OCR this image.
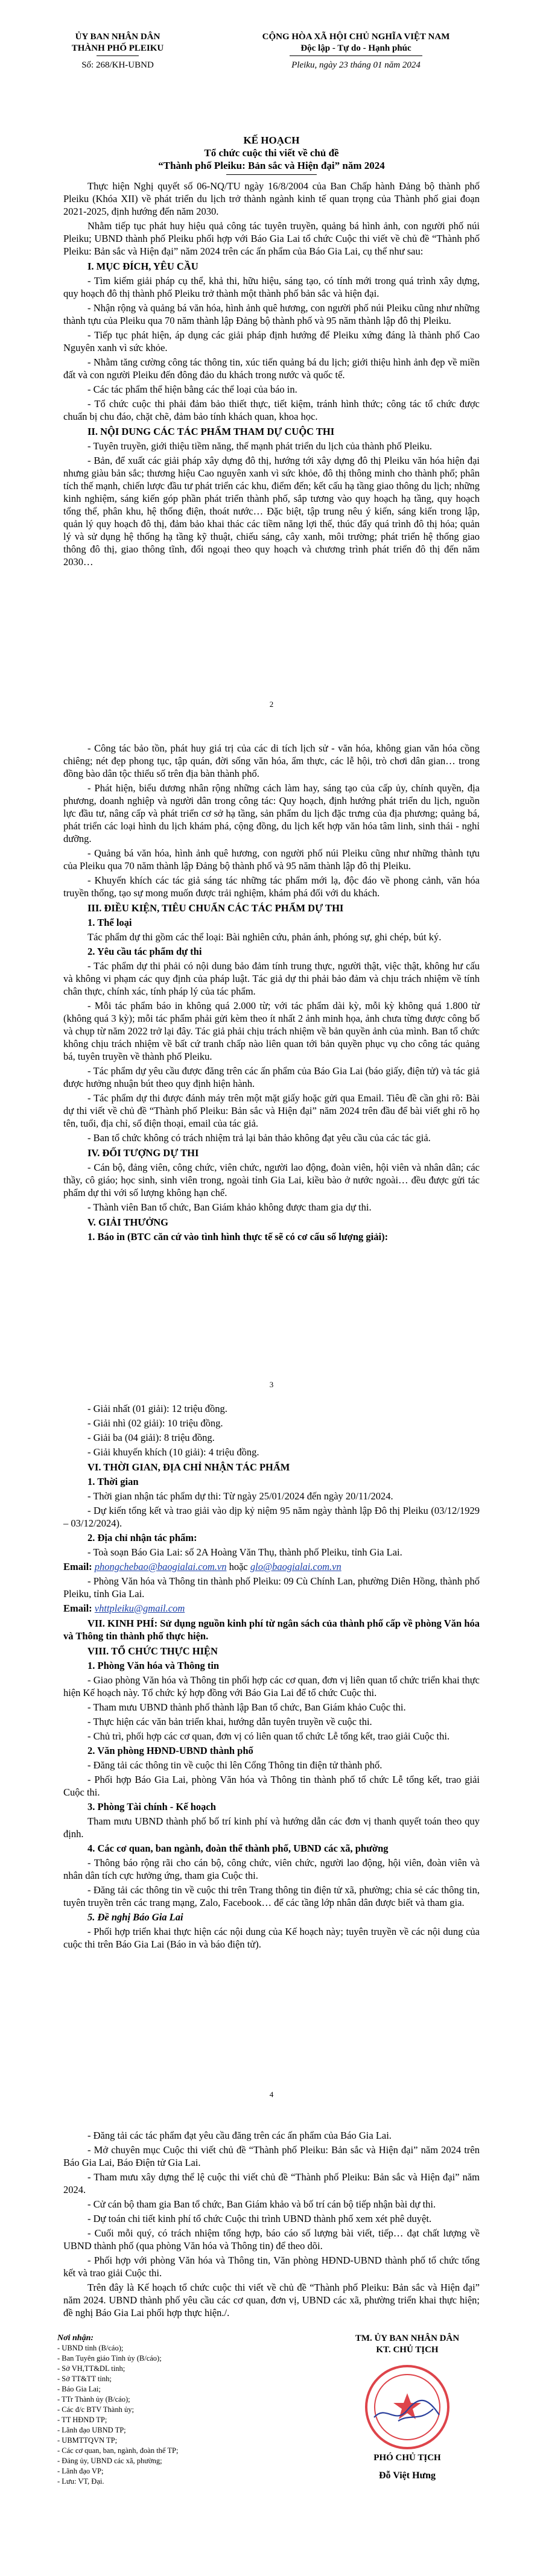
ỦY BAN NHÂN DÂN
THÀNH PHỐ PLEIKU
Số: 268/KH-UBND
CỘNG HÒA XÃ HỘI CHỦ NGHĨA VIỆT NAM
Độc lập - Tự do - Hạnh phúc
Pleiku, ngày 23 tháng 01 năm 2024
KẾ HOẠCH
Tổ chức cuộc thi viết về chủ đề
“Thành phố Pleiku: Bản sắc và Hiện đại” năm 2024

Thực hiện Nghị quyết số 06-NQ/TU ngày 16/8/2004 của Ban Chấp hành Đảng bộ thành phố Pleiku (Khóa XII) về phát triển du lịch trở thành ngành kinh tế quan trọng của Thành phố giai đoạn 2021-2025, định hướng đến năm 2030.

Nhằm tiếp tục phát huy hiệu quả công tác tuyên truyền, quảng bá hình ảnh, con người phố núi Pleiku; UBND thành phố Pleiku phối hợp với Báo Gia Lai tổ chức Cuộc thi viết về chủ đề “Thành phố Pleiku: Bản sắc và Hiện đại” năm 2024 trên các ấn phẩm của Báo Gia Lai, cụ thể như sau:

I. MỤC ĐÍCH, YÊU CẦU

- Tìm kiếm giải pháp cụ thể, khả thi, hữu hiệu, sáng tạo, có tính mới trong quá trình xây dựng, quy hoạch đô thị thành phố Pleiku trở thành một thành phố bản sắc và hiện đại.

- Nhận rộng và quảng bá văn hóa, hình ảnh quê hương, con người phố núi Pleiku cũng như những thành tựu của Pleiku qua 70 năm thành lập Đảng bộ thành phố và 95 năm thành lập đô thị Pleiku.

- Tiếp tục phát hiện, áp dụng các giải pháp định hướng để Pleiku xứng đáng là thành phố Cao Nguyên xanh vì sức khỏe.

- Nhằm tăng cường công tác thông tin, xúc tiến quảng bá du lịch; giới thiệu hình ảnh đẹp về miền đất và con người Pleiku đến đông đảo du khách trong nước và quốc tế.

- Các tác phẩm thể hiện bằng các thể loại của báo in.

- Tổ chức cuộc thi phải đảm bảo thiết thực, tiết kiệm, tránh hình thức; công tác tổ chức được chuẩn bị chu đáo, chặt chẽ, đảm bảo tính khách quan, khoa học.

II. NỘI DUNG CÁC TÁC PHẨM THAM DỰ CUỘC THI

- Tuyên truyền, giới thiệu tiềm năng, thế mạnh phát triển du lịch của thành phố Pleiku.

- Bản, để xuất các giải pháp xây dựng đô thị, hướng tới xây dựng đô thị Pleiku văn hóa hiện đại nhưng giàu bản sắc; thương hiệu Cao nguyên xanh vì sức khỏe, đô thị thông minh cho thành phố; phân tích thế mạnh, chiến lược đầu tư phát triển các khu, điểm đến; kết cấu hạ tầng giao thông du lịch; những kinh nghiệm, sáng kiến góp phần phát triển thành phố, sắp tương vào quy hoạch hạ tầng, quy hoạch tổng thể, phân khu, hệ thống điện, thoát nước… Đặc biệt, tập trung nêu ý kiến, sáng kiến trong lập, quản lý quy hoạch đô thị, đảm bảo khai thác các tiềm năng lợi thế, thúc đẩy quá trình đô thị hóa; quản lý và sử dụng hệ thống hạ tầng kỹ thuật, chiếu sáng, cây xanh, môi trường; phát triển hệ thống giao thông đô thị, giao thông tĩnh, đối ngoại theo quy hoạch và chương trình phát triển đô thị đến năm 2030…

2

- Công tác bảo tồn, phát huy giá trị của các di tích lịch sử - văn hóa, không gian văn hóa cồng chiêng; nét đẹp phong tục, tập quán, đời sống văn hóa, ẩm thực, các lễ hội, trò chơi dân gian… trong đồng bào dân tộc thiểu số trên địa bàn thành phố.

- Phát hiện, biểu dương nhân rộng những cách làm hay, sáng tạo của cấp ủy, chính quyền, địa phương, doanh nghiệp và người dân trong công tác: Quy hoạch, định hướng phát triển du lịch, nguồn lực đầu tư, nâng cấp và phát triển cơ sở hạ tầng, sản phẩm du lịch đặc trưng của địa phương; quảng bá, phát triển các loại hình du lịch khám phá, cộng đồng, du lịch kết hợp văn hóa tâm linh, sinh thái - nghỉ dưỡng.

- Quảng bá văn hóa, hình ảnh quê hương, con người phố núi Pleiku cũng như những thành tựu của Pleiku qua 70 năm thành lập Đảng bộ thành phố và 95 năm thành lập đô thị Pleiku.

- Khuyến khích các tác giả sáng tác những tác phẩm mới lạ, độc đáo về phong cảnh, văn hóa truyền thống, tạo sự mong muốn được trải nghiệm, khám phá đối với du khách.

III. ĐIỀU KIỆN, TIÊU CHUẨN CÁC TÁC PHẨM DỰ THI

1. Thể loại

Tác phẩm dự thi gồm các thể loại: Bài nghiên cứu, phản ánh, phóng sự, ghi chép, bút ký.

2. Yêu cầu tác phẩm dự thi

- Tác phẩm dự thi phải có nội dung bảo đảm tính trung thực, người thật, việc thật, không hư cấu và không vi phạm các quy định của pháp luật. Tác giả dự thi phải bảo đảm và chịu trách nhiệm về tính chân thực, chính xác, tính pháp lý của tác phẩm.

- Mỗi tác phẩm báo in không quá 2.000 từ; với tác phẩm dài kỳ, mỗi kỳ không quá 1.800 từ (không quá 3 kỳ); mỗi tác phẩm phải gửi kèm theo ít nhất 2 ảnh minh họa, ảnh chưa từng được công bố và chụp từ năm 2022 trở lại đây. Tác giả phải chịu trách nhiệm về bản quyền ảnh của mình. Ban tổ chức không chịu trách nhiệm về bất cứ tranh chấp nào liên quan tới bản quyền phục vụ cho công tác quảng bá, tuyên truyền về thành phố Pleiku.

- Tác phẩm dự yêu cầu được đăng trên các ấn phẩm của Báo Gia Lai (báo giấy, điện tử) và tác giả được hưởng nhuận bút theo quy định hiện hành.

- Tác phẩm dự thi được đánh máy trên một mặt giấy hoặc gửi qua Email. Tiêu đề cần ghi rõ: Bài dự thi viết về chủ đề “Thành phố Pleiku: Bản sắc và Hiện đại” năm 2024 trên đầu để bài viết ghi rõ họ tên, tuổi, địa chỉ, số điện thoại, email của tác giả.

- Ban tổ chức không có trách nhiệm trả lại bản thảo không đạt yêu cầu của các tác giả.

IV. ĐỐI TƯỢNG DỰ THI

- Cán bộ, đảng viên, công chức, viên chức, người lao động, đoàn viên, hội viên và nhân dân; các thầy, cô giáo; học sinh, sinh viên trong, ngoài tỉnh Gia Lai, kiều bào ở nước ngoài… đều được gửi tác phẩm dự thi với số lượng không hạn chế.

- Thành viên Ban tổ chức, Ban Giám khảo không được tham gia dự thi.

V. GIẢI THƯỞNG

1. Báo in (BTC căn cứ vào tình hình thực tế sẽ có cơ cấu số lượng giải):

3

- Giải nhất (01 giải): 12 triệu đồng.

- Giải nhì (02 giải): 10 triệu đồng.

- Giải ba (04 giải): 8 triệu đồng.

- Giải khuyến khích (10 giải): 4 triệu đồng.

VI. THỜI GIAN, ĐỊA CHỈ NHẬN TÁC PHẨM

1. Thời gian

- Thời gian nhận tác phẩm dự thi: Từ ngày 25/01/2024 đến ngày 20/11/2024.

- Dự kiến tổng kết và trao giải vào dịp kỷ niệm 95 năm ngày thành lập Đô thị Pleiku (03/12/1929 – 03/12/2024).

2. Địa chỉ nhận tác phẩm:

- Toà soạn Báo Gia Lai: số 2A Hoàng Văn Thụ, thành phố Pleiku, tỉnh Gia Lai.

Email: phongchebao@baogialai.com.vn hoặc glo@baogialai.com.vn

- Phòng Văn hóa và Thông tin thành phố Pleiku: 09 Cù Chính Lan, phường Diên Hồng, thành phố Pleiku, tỉnh Gia Lai.

Email: vhttpleiku@gmail.com

VII. KINH PHÍ: Sử dụng nguồn kinh phí từ ngân sách của thành phố cấp về phòng Văn hóa và Thông tin thành phố thực hiện.

VIII. TỔ CHỨC THỰC HIỆN

1. Phòng Văn hóa và Thông tin

- Giao phòng Văn hóa và Thông tin phối hợp các cơ quan, đơn vị liên quan tổ chức triển khai thực hiện Kế hoạch này. Tổ chức ký hợp đồng với Báo Gia Lai để tổ chức Cuộc thi.

- Tham mưu UBND thành phố thành lập Ban tổ chức, Ban Giám khảo Cuộc thi.

- Thực hiện các văn bản triển khai, hướng dẫn tuyên truyền về cuộc thi.

- Chủ trì, phối hợp các cơ quan, đơn vị có liên quan tổ chức Lễ tổng kết, trao giải Cuộc thi.

2. Văn phòng HĐND-UBND thành phố

- Đăng tải các thông tin về cuộc thi lên Cổng Thông tin điện tử thành phố.

- Phối hợp Báo Gia Lai, phòng Văn hóa và Thông tin thành phố tổ chức Lễ tổng kết, trao giải Cuộc thi.

3. Phòng Tài chính - Kế hoạch

Tham mưu UBND thành phố bố trí kinh phí và hướng dẫn các đơn vị thanh quyết toán theo quy định.

4. Các cơ quan, ban ngành, đoàn thể thành phố, UBND các xã, phường

- Thông báo rộng rãi cho cán bộ, công chức, viên chức, người lao động, hội viên, đoàn viên và nhân dân tích cực hưởng ứng, tham gia Cuộc thi.

- Đăng tải các thông tin về cuộc thi trên Trang thông tin điện tử xã, phường; chia sẻ các thông tin, tuyên truyền trên các trang mạng, Zalo, Facebook… để các tầng lớp nhân dân được biết và tham gia.

5. Đề nghị Báo Gia Lai

- Phối hợp triển khai thực hiện các nội dung của Kế hoạch này; tuyên truyền về các nội dung của cuộc thi trên Báo Gia Lai (Báo in và báo điện tử).

4

- Đăng tải các tác phẩm đạt yêu cầu đăng trên các ấn phẩm của Báo Gia Lai.

- Mở chuyên mục Cuộc thi viết chủ đề “Thành phố Pleiku: Bản sắc và Hiện đại” năm 2024 trên Báo Gia Lai, Báo Điện tử Gia Lai.

- Tham mưu xây dựng thể lệ cuộc thi viết chủ đề “Thành phố Pleiku: Bản sắc và Hiện đại” năm 2024.

- Cử cán bộ tham gia Ban tổ chức, Ban Giám khảo và bố trí cán bộ tiếp nhận bài dự thi.

- Dự toán chi tiết kinh phí tổ chức Cuộc thi trình UBND thành phố xem xét phê duyệt.

- Cuối mỗi quý, có trách nhiệm tổng hợp, báo cáo số lượng bài viết, tiếp… đạt chất lượng về UBND thành phố (qua phòng Văn hóa và Thông tin) để theo dõi.

- Phối hợp với phòng Văn hóa và Thông tin, Văn phòng HĐND-UBND thành phố tổ chức tổng kết và trao giải Cuộc thi.

Trên đây là Kế hoạch tổ chức cuộc thi viết về chủ đề “Thành phố Pleiku: Bản sắc và Hiện đại” năm 2024. UBND thành phố yêu cầu các cơ quan, đơn vị, UBND các xã, phường triển khai thực hiện; đề nghị Báo Gia Lai phối hợp thực hiện./.

Nơi nhận:
- UBND tỉnh (B/cáo);
- Ban Tuyên giáo Tỉnh ủy (B/cáo);
- Sở VH,TT&DL tỉnh;
- Sở TT&TT tỉnh;
- Báo Gia Lai;
- TTr Thành ủy (B/cáo);
- Các đ/c BTV Thành ủy;
- TT HĐND TP;
- Lãnh đạo UBND TP;
- UBMTTQVN TP;
- Các cơ quan, ban, ngành, đoàn thể TP;
- Đảng ủy, UBND các xã, phường;
- Lãnh đạo VP;
- Lưu: VT, Đại.
TM. ỦY BAN NHÂN DÂN
KT. CHỦ TỊCH
PHÓ CHỦ TỊCH
Đỗ Việt Hưng
